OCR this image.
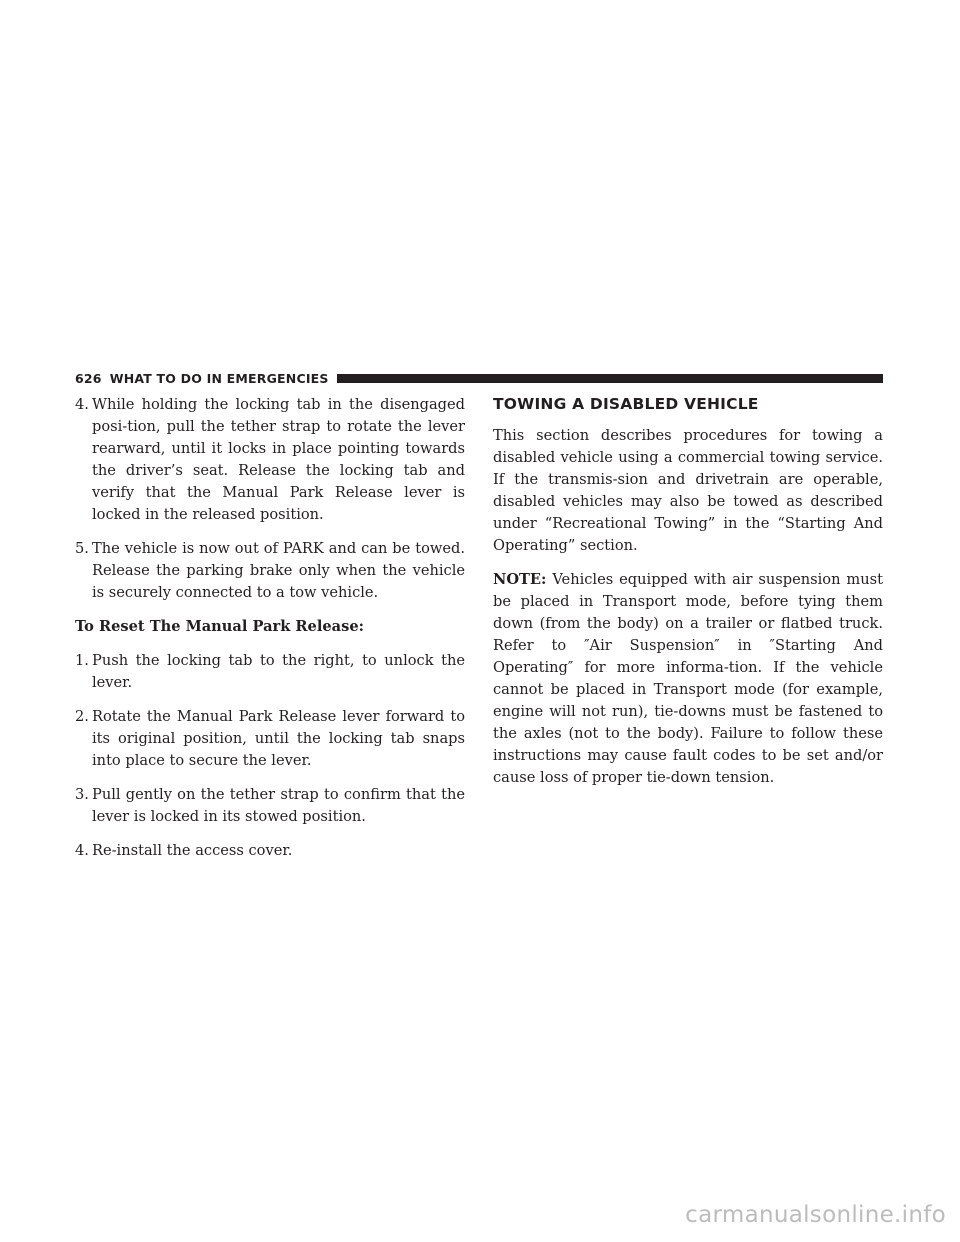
626 WHAT TO DO IN EMERGENCIES
4. While holding the locking tab in the disengaged posi-tion, pull the tether strap to rotate the lever rearward, until it locks in place pointing towards the driver’s seat. Release the locking tab and verify that the Manual Park Release lever is locked in the released position.
5. The vehicle is now out of PARK and can be towed. Release the parking brake only when the vehicle is securely connected to a tow vehicle.
To Reset The Manual Park Release:
1. Push the locking tab to the right, to unlock the lever.
2. Rotate the Manual Park Release lever forward to its original position, until the locking tab snaps into place to secure the lever.
3. Pull gently on the tether strap to confirm that the lever is locked in its stowed position.
4. Re-install the access cover.
TOWING A DISABLED VEHICLE

This section describes procedures for towing a disabled vehicle using a commercial towing service. If the transmis-sion and drivetrain are operable, disabled vehicles may also be towed as described under “Recreational Towing” in the “Starting And Operating” section.

NOTE: Vehicles equipped with air suspension must be placed in Transport mode, before tying them down (from the body) on a trailer or flatbed truck. Refer to ″Air Suspension″ in ″Starting And Operating″ for more informa-tion. If the vehicle cannot be placed in Transport mode (for example, engine will not run), tie-downs must be fastened to the axles (not to the body). Failure to follow these instructions may cause fault codes to be set and/or cause loss of proper tie-down tension.

carmanualsonline.info
